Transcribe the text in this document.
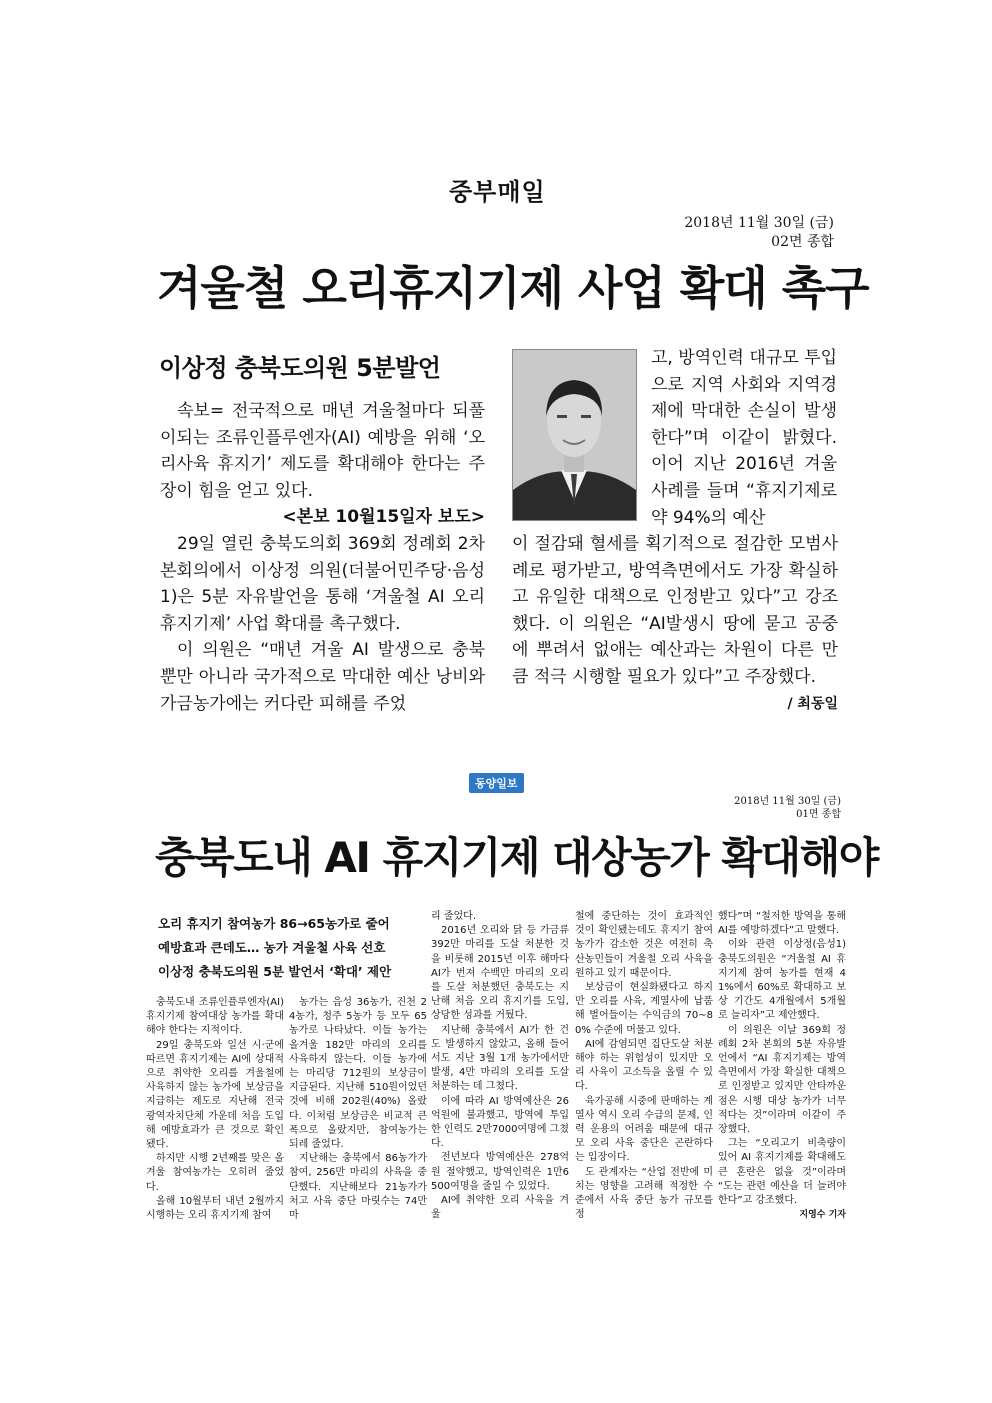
중부매일
2018년 11월 30일 (금)
02면 종합
겨울철 오리휴지기제 사업 확대 촉구
이상정 충북도의원 5분발언

속보= 전국적으로 매년 겨울철마다 되풀이되는 조류인플루엔자(AI) 예방을 위해 ‘오리사육 휴지기’ 제도를 확대해야 한다는 주장이 힘을 얻고 있다.

<본보 10월15일자 보도>

29일 열린 충북도의회 369회 정례회 2차본회의에서 이상정 의원(더불어민주당·음성1)은 5분 자유발언을 통해 ‘겨울철 AI 오리휴지기제’ 사업 확대를 촉구했다.

이 의원은 “매년 겨울 AI 발생으로 충북 뿐만 아니라 국가적으로 막대한 예산 낭비와 가금농가에는 커다란 피해를 주었

고, 방역인력 대규모 투입으로 지역 사회와 지역경제에 막대한 손실이 발생한다”며 이같이 밝혔다. 이어 지난 2016년 겨울 사례를 들며 “휴지기제로 약 94%의 예산

이 절감돼 혈세를 획기적으로 절감한 모범사례로 평가받고, 방역측면에서도 가장 확실하고 유일한 대책으로 인정받고 있다”고 강조했다. 이 의원은 “AI발생시 땅에 묻고 공중에 뿌려서 없애는 예산과는 차원이 다른 만큼 적극 시행할 필요가 있다”고 주장했다.

/ 최동일

동양일보
2018년 11월 30일 (금)
01면 종합
충북도내 AI 휴지기제 대상농가 확대해야
오리 휴지기 참여농가 86→65농가로 줄어
예방효과 큰데도… 농가 겨울철 사육 선호
이상정 충북도의원 5분 발언서 ‘확대’ 제안

충북도내 조류인플루엔자(AI) 휴지기제 참여대상 농가를 확대해야 한다는 지적이다.

29일 충북도와 일선 시·군에 따르면 휴지기제는 AI에 상대적으로 취약한 오리를 겨울철에 사육하지 않는 농가에 보상금을 지급하는 제도로 지난해 전국 광역자치단체 가운데 처음 도입해 예방효과가 큰 것으로 확인됐다.

하지만 시행 2년째를 맞은 올 겨울 참여농가는 오히려 줄었다.

올해 10월부터 내년 2월까지 시행하는 오리 휴지기제 참여

농가는 음성 36농가, 진천 24농가, 청주 5농가 등 모두 65 농가로 나타났다. 이들 농가는 올겨울 182만 마리의 오리를 사육하지 않는다. 이들 농가에는 마리당 712원의 보상금이 지급된다. 지난해 510원이었던 것에 비해 202원(40%) 올랐다. 이처럼 보상금은 비교적 큰 폭으로 올랐지만, 참여농가는 되레 줄었다.

지난해는 충북에서 86농가가 참여, 256만 마리의 사육을 중단했다. 지난해보다 21농가가 처고 사육 중단 마릿수는 74만 마

리 줄었다.

2016년 오리와 닭 등 가금류 392만 마리를 도살 처분한 것을 비롯해 2015년 이후 해마다 AI가 번져 수백만 마리의 오리를 도살 처분했던 충북도는 지난해 처음 오리 휴지기를 도입, 상당한 성과를 거뒀다.

지난해 충북에서 AI가 한 건도 발생하지 않았고, 올해 들어서도 지난 3월 1개 농가에서만 발생, 4만 마리의 오리를 도살 처분하는 데 그쳤다.

이에 따라 AI 방역예산은 26억원에 불과했고, 방역에 투입한 인력도 2만7000여명에 그쳤다.

전년보다 방역예산은 278억원 절약했고, 방역인력은 1만6500여명을 줄일 수 있었다.

AI에 취약한 오리 사육을 겨울

철에 중단하는 것이 효과적인 것이 확인됐는데도 휴지기 참여농가가 감소한 것은 여전히 축산농민들이 겨울철 오리 사육을 원하고 있기 때문이다.

보상금이 현실화됐다고 하지만 오리를 사육, 계열사에 납품해 벌어들이는 수익금의 70∼80% 수준에 머물고 있다.

AI에 감염되면 집단도살 처분해야 하는 위험성이 있지만 오리 사육이 고소득을 올릴 수 있다.

육가공해 시중에 판매하는 계열사 역시 오리 수급의 문제, 인력 운용의 어려움 때문에 대규모 오리 사육 중단은 곤란하다는 입장이다.

도 관계자는 “산업 전반에 미치는 영향을 고려해 적정한 수준에서 사육 중단 농가 규모를 정

했다”며 “철저한 방역을 통해 AI를 예방하겠다”고 말했다.

이와 관련 이상정(음성1) 충북도의원은 “겨울철 AI 휴지기제 참여 농가를 현재 41%에서 60%로 확대하고 보상 기간도 4개월에서 5개월로 늘리자”고 제안했다.

이 의원은 이날 369회 정례회 2차 본회의 5분 자유발언에서 “AI 휴지기제는 방역 측면에서 가장 확실한 대책으로 인정받고 있지만 안타까운 점은 시행 대상 농가가 너무 적다는 것”이라며 이같이 주장했다.

그는 “오리고기 비축량이 있어 AI 휴지기제를 확대해도 큰 혼란은 없을 것”이라며 “도는 관련 예산을 더 늘려야 한다”고 강조했다.

지영수 기자
